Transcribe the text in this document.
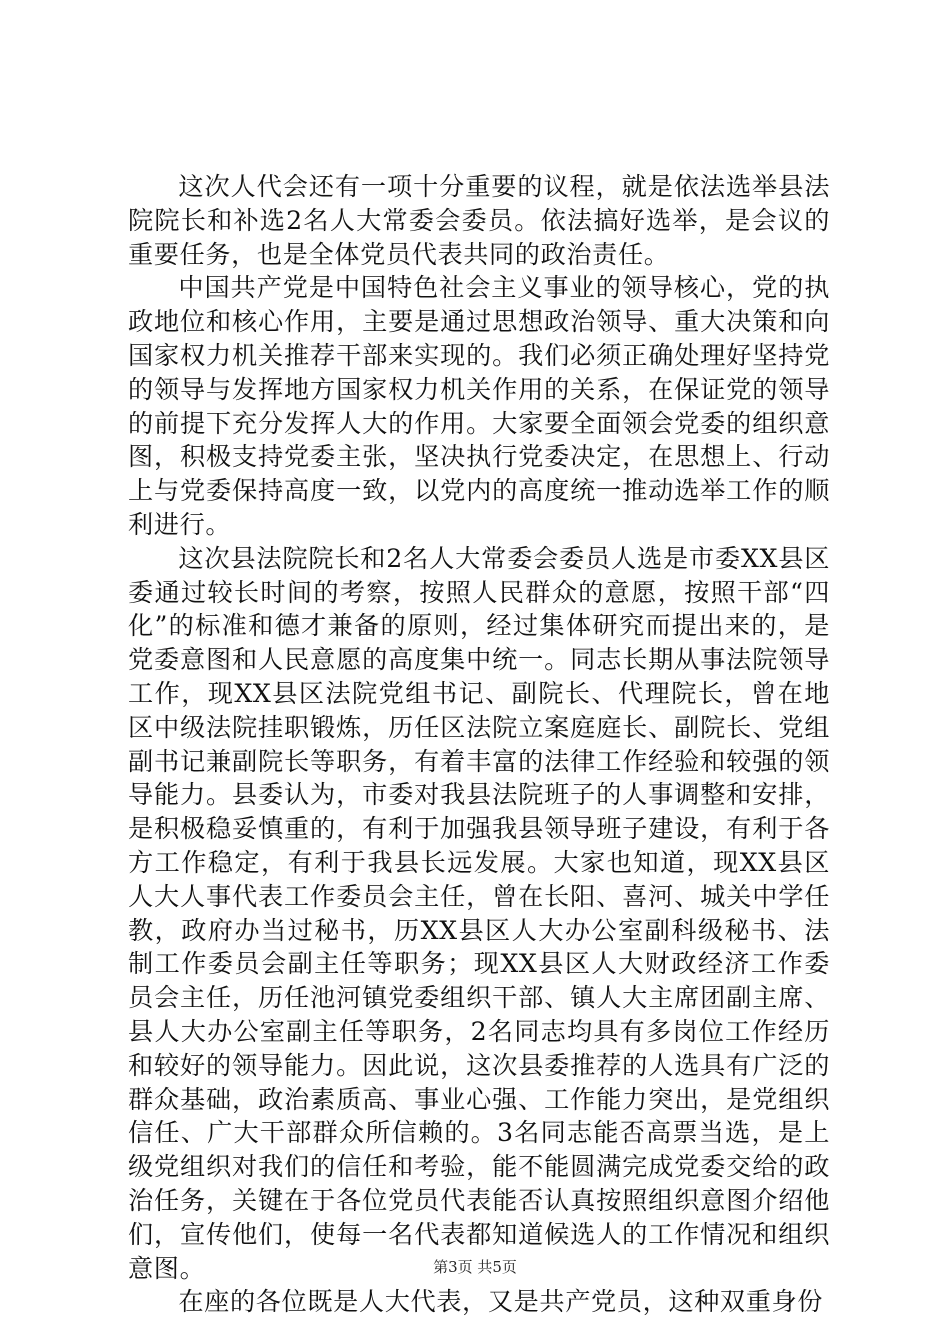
这次人代会还有一项十分重要的议程，就是依法选举县法院院长和补选2名人大常委会委员。依法搞好选举，是会议的重要任务，也是全体党员代表共同的政治责任。

中国共产党是中国特色社会主义事业的领导核心，党的执政地位和核心作用，主要是通过思想政治领导、重大决策和向国家权力机关推荐干部来实现的。我们必须正确处理好坚持党的领导与发挥地方国家权力机关作用的关系，在保证党的领导的前提下充分发挥人大的作用。大家要全面领会党委的组织意图，积极支持党委主张，坚决执行党委决定，在思想上、行动上与党委保持高度一致，以党内的高度统一推动选举工作的顺利进行。

这次县法院院长和2名人大常委会委员人选是市委XX县区委通过较长时间的考察，按照人民群众的意愿，按照干部“四化”的标准和德才兼备的原则，经过集体研究而提出来的，是党委意图和人民意愿的高度集中统一。同志长期从事法院领导工作，现XX县区法院党组书记、副院长、代理院长，曾在地区中级法院挂职锻炼，历任区法院立案庭庭长、副院长、党组副书记兼副院长等职务，有着丰富的法律工作经验和较强的领导能力。县委认为，市委对我县法院班子的人事调整和安排，是积极稳妥慎重的，有利于加强我县领导班子建设，有利于各方工作稳定，有利于我县长远发展。大家也知道，现XX县区人大人事代表工作委员会主任，曾在长阳、喜河、城关中学任教，政府办当过秘书，历XX县区人大办公室副科级秘书、法制工作委员会副主任等职务；现XX县区人大财政经济工作委员会主任，历任池河镇党委组织干部、镇人大主席团副主席、县人大办公室副主任等职务，2名同志均具有多岗位工作经历和较好的领导能力。因此说，这次县委推荐的人选具有广泛的群众基础，政治素质高、事业心强、工作能力突出，是党组织信任、广大干部群众所信赖的。3名同志能否高票当选，是上级党组织对我们的信任和考验，能不能圆满完成党委交给的政治任务，关键在于各位党员代表能否认真按照组织意图介绍他们，宣传他们，使每一名代表都知道候选人的工作情况和组织意图。

在座的各位既是人大代表，又是共产党员，这种双重身份

第3页 共5页
